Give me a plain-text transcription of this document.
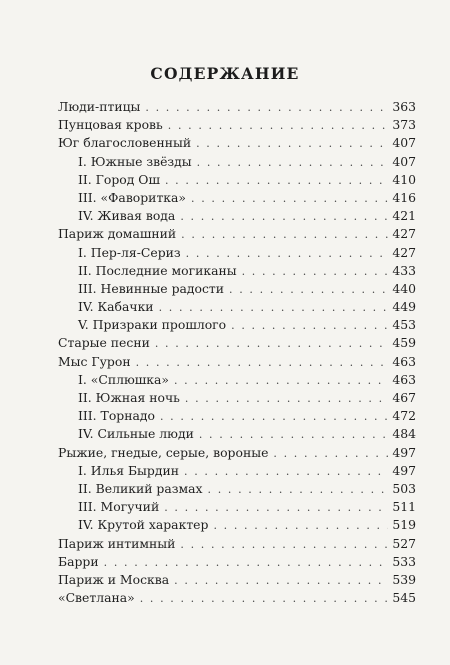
СОДЕРЖАНИЕ
Люди-птицы . . .	363
Пунцовая кровь . . .	373
Юг благословенный . . .	407
I. Южные звёзды . . .	407
II. Город Ош . . .	410
III. «Фаворитка» . . .	416
IV. Живая вода . . .	421
Париж домашний . . .	427
I. Пер-ля-Сериз . . .	427
II. Последние могиканы . . .	433
III. Невинные радости . . .	440
IV. Кабачки . . .	449
V. Призраки прошлого . . .	453
Старые песни . . .	459
Мыс Гурон . . .	463
I. «Сплюшка» . . .	463
II. Южная ночь . . .	467
III. Торнадо . . .	472
IV. Сильные люди . . .	484
Рыжие, гнедые, серые, вороные . . .	497
I. Илья Бырдин . . .	497
II. Великий размах . . .	503
III. Могучий . . .	511
IV. Крутой характер . . .	519
Париж интимный . . .	527
Барри . . .	533
Париж и Москва . . .	539
«Светлана» . . .	545
